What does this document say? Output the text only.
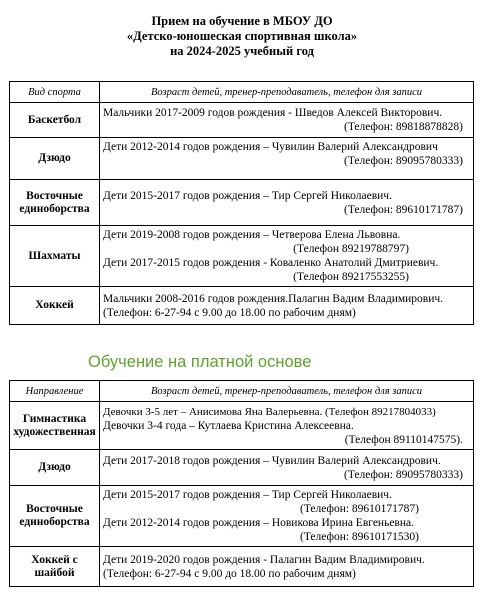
Прием на обучение в МБОУ ДО
«Детско-юношеская спортивная школа»
на 2024-2025 учебный год
Вид спорта	Возраст детей, тренер-преподаватель, телефон для записи
Баскетбол	Мальчики 2017-2009 годов рождения - Шведов Алексей Викторович.
(Телефон: 89818878828)

Дзюдо	Дети 2012-2014 годов рождения – Чувилин Валерий Александрович
(Телефон: 89095780333)

Восточные единоборства	Дети 2015-2017 годов рождения – Тир Сергей Николаевич.
(Телефон: 89610171787)

Шахматы	Дети 2019-2008 годов рождения – Четверова Елена Львовна.
(Телефон 89219788797)
Дети 2017-2015 годов рождения - Коваленко Анатолий Дмитриевич.
(Телефон 89217553255)

Хоккей	Мальчики 2008-2016 годов рождения.Палагин Вадим Владимирович.
(Телефон: 6-27-94 с 9.00 до 18.00 по рабочим дням)
Обучение на платной основе
Направление	Возраст детей, тренер-преподаватель, телефон для записи
Гимнастика художественная	Девочки 3-5 лет – Анисимова Яна Валерьевна. (Телефон 89217804033)
Девочки 3-4 года – Кутлаева Кристина Алексеевна.
(Телефон 89110147575).

Дзюдо	Дети 2017-2018 годов рождения – Чувилин Валерий Александрович.
(Телефон: 89095780333)

Восточные единоборства	Дети 2015-2017 годов рождения – Тир Сергей Николаевич.
(Телефон: 89610171787)
Дети 2012-2014 годов рождения – Новикова Ирина Евгеньевна.
(Телефон: 89610171530)

Хоккей с шайбой	Дети 2019-2020 годов рождения - Палагин Вадим Владимирович.
(Телефон: 6-27-94 с 9.00 до 18.00 по рабочим дням)
